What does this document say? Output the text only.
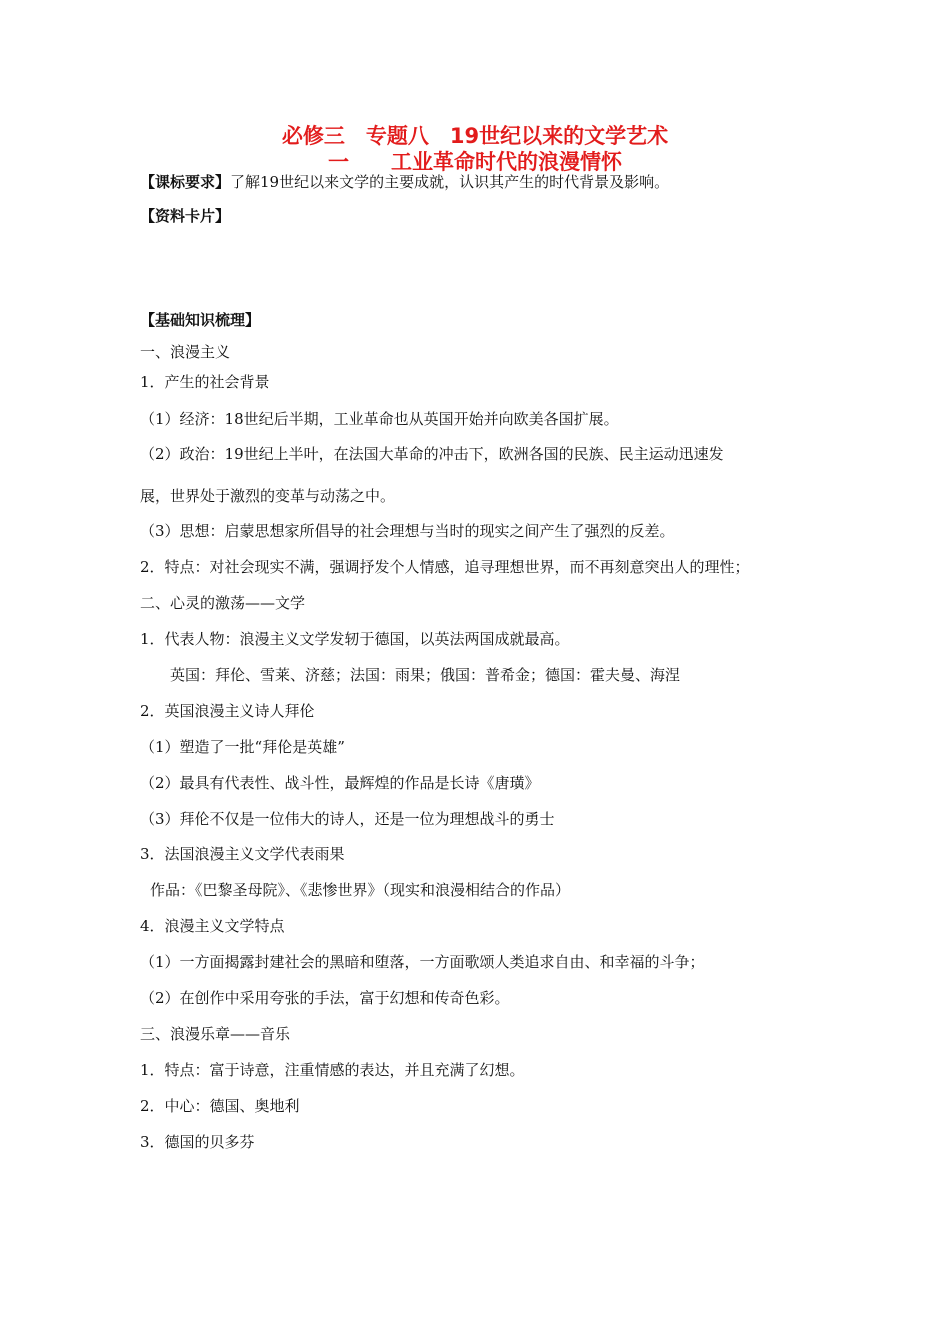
必修三　专题八　19世纪以来的文学艺术
一　　工业革命时代的浪漫情怀
【课标要求】了解19世纪以来文学的主要成就，认识其产生的时代背景及影响。
【资料卡片】
【基础知识梳理】
一、浪漫主义
1．产生的社会背景
（1）经济：18世纪后半期，工业革命也从英国开始并向欧美各国扩展。
（2）政治：19世纪上半叶，在法国大革命的冲击下，欧洲各国的民族、民主运动迅速发
展，世界处于激烈的变革与动荡之中。
（3）思想：启蒙思想家所倡导的社会理想与当时的现实之间产生了强烈的反差。
2．特点：对社会现实不满，强调抒发个人情感，追寻理想世界，而不再刻意突出人的理性；
二、心灵的激荡——文学
1．代表人物：浪漫主义文学发轫于德国，以英法两国成就最高。
英国：拜伦、雪莱、济慈；法国：雨果；俄国：普希金；德国：霍夫曼、海涅
2．英国浪漫主义诗人拜伦
（1）塑造了一批“拜伦是英雄”
（2）最具有代表性、战斗性，最辉煌的作品是长诗《唐璜》
（3）拜伦不仅是一位伟大的诗人，还是一位为理想战斗的勇士
3．法国浪漫主义文学代表雨果
作品：《巴黎圣母院》、《悲惨世界》（现实和浪漫相结合的作品）
4．浪漫主义文学特点
（1）一方面揭露封建社会的黑暗和堕落，一方面歌颂人类追求自由、和幸福的斗争；
（2）在创作中采用夸张的手法，富于幻想和传奇色彩。
三、浪漫乐章——音乐
1．特点：富于诗意，注重情感的表达，并且充满了幻想。
2．中心：德国、奥地利
3．德国的贝多芬
